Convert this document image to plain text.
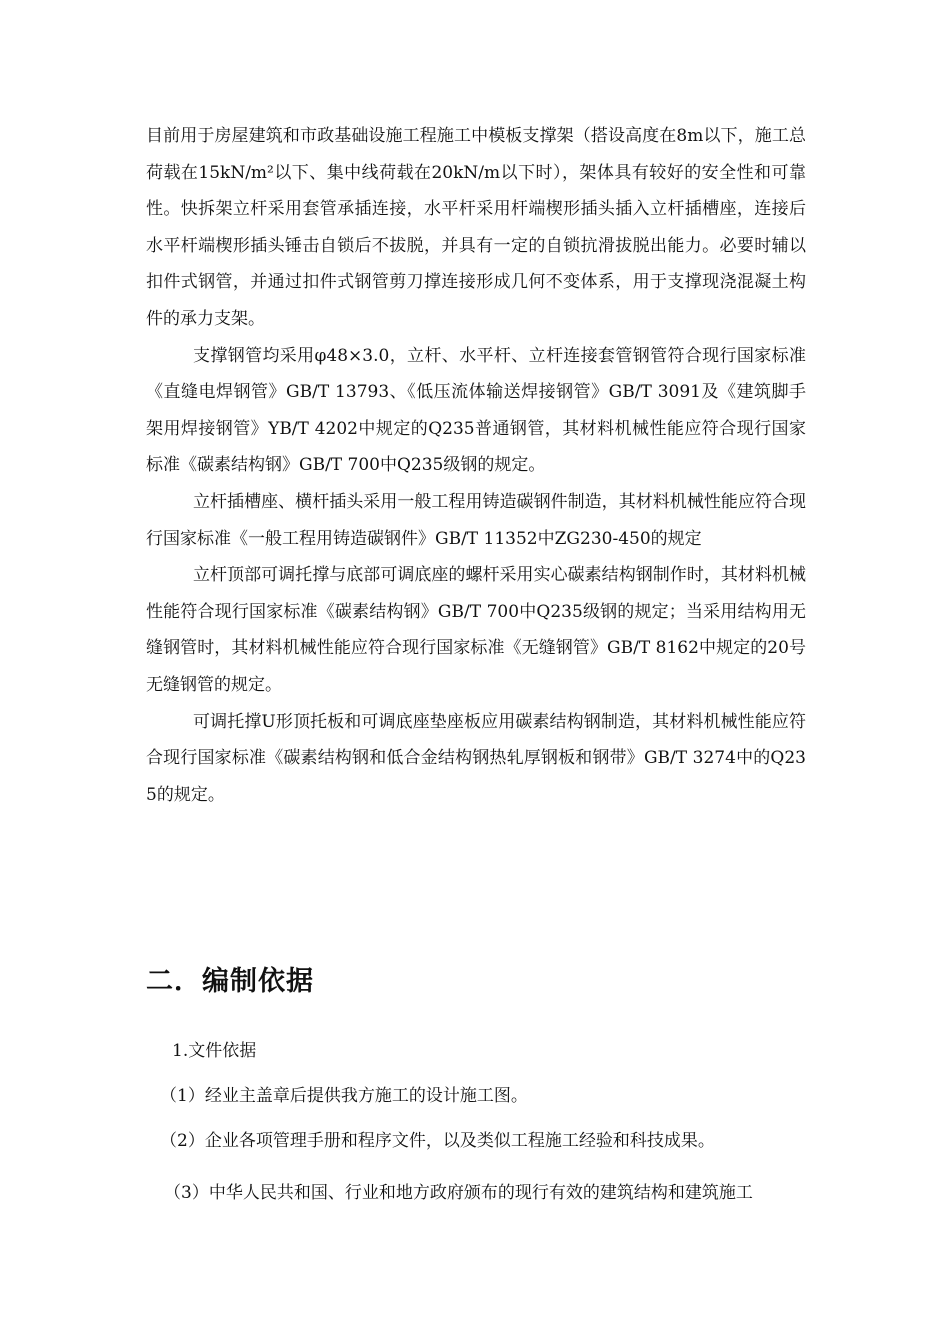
目前用于房屋建筑和市政基础设施工程施工中模板支撑架（搭设高度在8m以下，施工总荷载在15kN/m²以下、集中线荷载在20kN/m以下时），架体具有较好的安全性和可靠性。快拆架立杆采用套管承插连接，水平杆采用杆端楔形插头插入立杆插槽座，连接后水平杆端楔形插头锤击自锁后不拔脱，并具有一定的自锁抗滑拔脱出能力。必要时辅以扣件式钢管，并通过扣件式钢管剪刀撑连接形成几何不变体系，用于支撑现浇混凝土构件的承力支架。

支撑钢管均采用φ48×3.0，立杆、水平杆、立杆连接套管钢管符合现行国家标准《直缝电焊钢管》GB/T 13793、《低压流体输送焊接钢管》GB/T 3091及《建筑脚手架用焊接钢管》YB/T 4202中规定的Q235普通钢管，其材料机械性能应符合现行国家标准《碳素结构钢》GB/T 700中Q235级钢的规定。

立杆插槽座、横杆插头采用一般工程用铸造碳钢件制造，其材料机械性能应符合现行国家标准《一般工程用铸造碳钢件》GB/T 11352中ZG230-450的规定

立杆顶部可调托撑与底部可调底座的螺杆采用实心碳素结构钢制作时，其材料机械性能符合现行国家标准《碳素结构钢》GB/T 700中Q235级钢的规定；当采用结构用无缝钢管时，其材料机械性能应符合现行国家标准《无缝钢管》GB/T 8162中规定的20号无缝钢管的规定。

可调托撑U形顶托板和可调底座垫座板应用碳素结构钢制造，其材料机械性能应符合现行国家标准《碳素结构钢和低合金结构钢热轧厚钢板和钢带》GB/T 3274中的Q235的规定。

二．编制依据

1.文件依据

（1）经业主盖章后提供我方施工的设计施工图。

（2）企业各项管理手册和程序文件，以及类似工程施工经验和科技成果。

（3）中华人民共和国、行业和地方政府颁布的现行有效的建筑结构和建筑施工
